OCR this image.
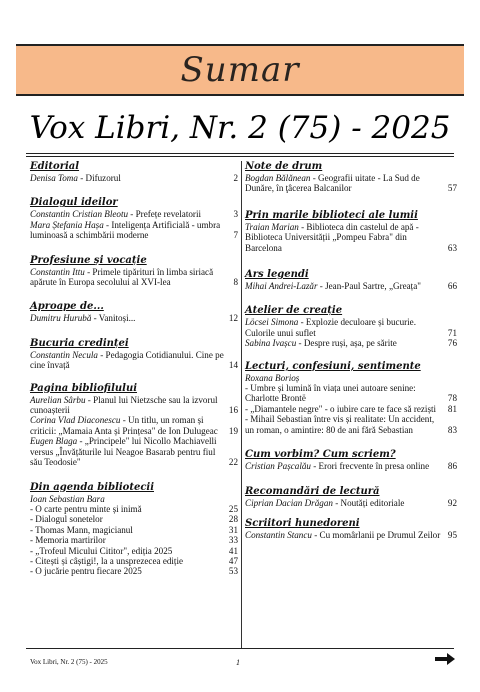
Sumar
Vox Libri, Nr. 2 (75) - 2025
Editorial
Denisa Toma - Difuzorul	2
Dialogul ideilor
Constantin Cristian Bleotu - Prefețe revelatorii	3
Mara Ștefania Hașa - Inteligența Artificială - umbra luminoasă a schimbării moderne	7
Profesiune și vocație
Constantin Ittu - Primele tipărituri în limba siriacă apărute în Europa secolului al XVI-lea	8
Aproape de...
Dumitru Hurubă - Vanitoși...	12
Bucuria credinței
Constantin Necula - Pedagogia Cotidianului. Cine pe cine învață	14
Pagina bibliofilului
Aurelian Sârbu - Planul lui Nietzsche sau la izvorul cunoașterii	16
Corina Vlad Diaconescu - Un titlu, un roman și criticii: „Mamaia Anta și Prințesa" de Ion Dulugeac	19
Eugen Blaga - „Principele" lui Nicollo Machiavelli versus „Învățăturile lui Neagoe Basarab pentru fiul său Teodosie"	22
Din agenda bibliotecii
Ioan Sebastian Bara
- O carte pentru minte și inimă	25
- Dialogul sonetelor	28
- Thomas Mann, magicianul	31
- Memoria martirilor	33
- „Trofeul Micului Cititor", ediția 2025	41
- Citești și câștigi!, la a unsprezecea ediție	47
- O jucărie pentru fiecare 2025	53
Note de drum
Bogdan Bălănean - Geografii uitate - La Sud de Dunăre, în ţâcerea Balcanilor	57
Prin marile biblioteci ale lumii
Traian Marian - Biblioteca din castelul de apă - Biblioteca Universității „Pompeu Fabra" din Barcelona	63
Ars legendi
Mihai Andrei-Lazăr - Jean-Paul Sartre, „Greața"	66
Atelier de creație
Löcsei Simona - Explozie deculoare și bucurie. Culorile unui suflet	71
Sabina Ivașcu - Despre ruși, așa, pe sărite	76
Lecturi, confesiuni, sentimente
Roxana Borioș
- Umbre și lumină în viața unei autoare senine: Charlotte Brontë	78
- „Diamantele negre" - o iubire care te face să reziști	81
- Mihail Sebastian între vis și realitate: Un accident, un roman, o amintire: 80 de ani fără Sebastian	83
Cum vorbim? Cum scriem?
Cristian Pașcalău - Erori frecvente în presa online	86
Recomandări de lectură
Ciprian Dacian Drăgan - Noutăți editoriale	92
Scriitori hunedoreni
Constantin Stancu - Cu momârlanii pe Drumul Zeilor 95
Vox Libri, Nr. 2 (75) - 2025	1
